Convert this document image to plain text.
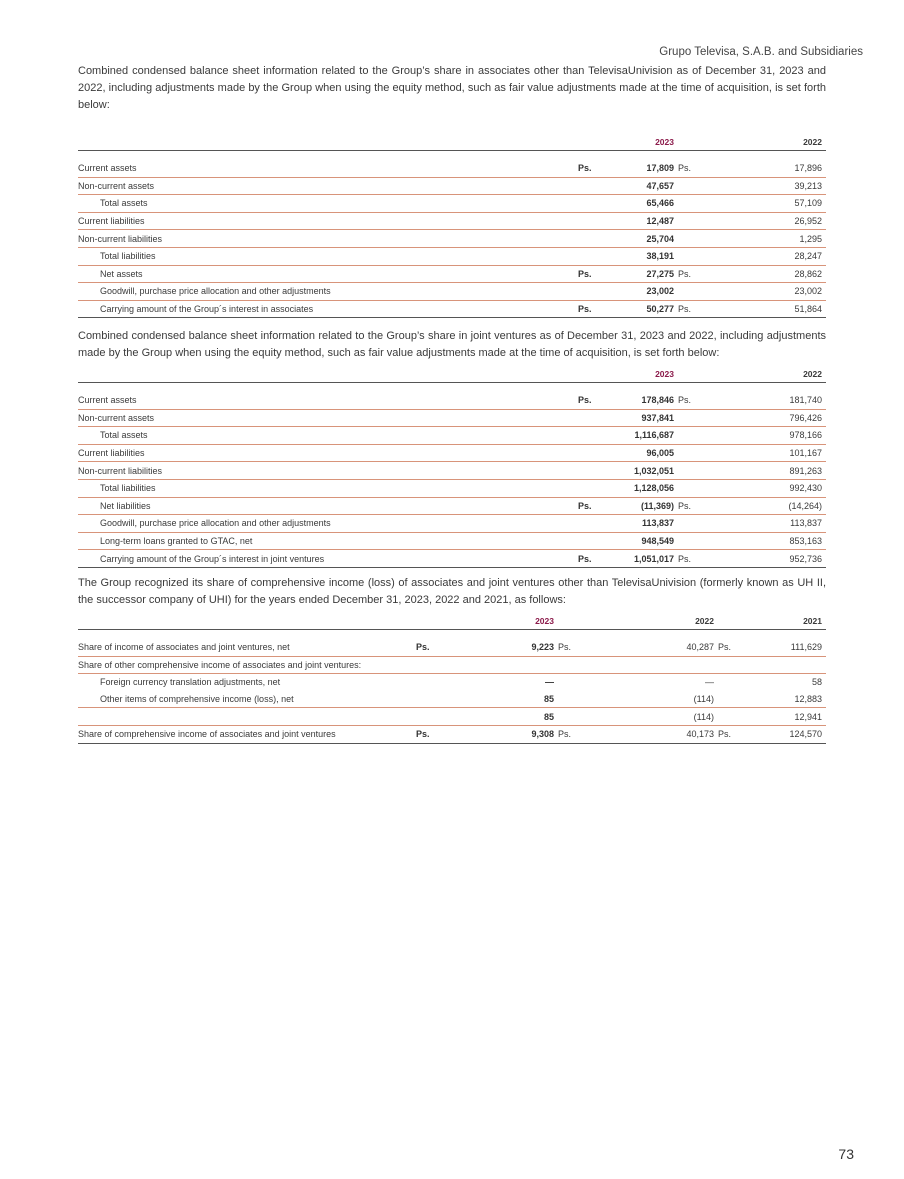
Grupo Televisa, S.A.B. and Subsidiaries
Combined condensed balance sheet information related to the Group’s share in associates other than TelevisaUnivision as of December 31, 2023 and 2022, including adjustments made by the Group when using the equity method, such as fair value adjustments made at the time of acquisition, is set forth below:
		2023		2022

Current assets	Ps.	17,809	Ps.	17,896
Non-current assets		47,657		39,213
Total assets		65,466		57,109
Current liabilities		12,487		26,952
Non-current liabilities		25,704		1,295
Total liabilities		38,191		28,247
Net assets	Ps.	27,275	Ps.	28,862
Goodwill, purchase price allocation and other adjustments		23,002		23,002
Carrying amount of the Group´s interest in associates	Ps.	50,277	Ps.	51,864
Combined condensed balance sheet information related to the Group’s share in joint ventures as of December 31, 2023 and 2022, including adjustments made by the Group when using the equity method, such as fair value adjustments made at the time of acquisition, is set forth below:
		2023		2022

Current assets	Ps.	178,846	Ps.	181,740
Non-current assets		937,841		796,426
Total assets		1,116,687		978,166
Current liabilities		96,005		101,167
Non-current liabilities		1,032,051		891,263
Total liabilities		1,128,056		992,430
Net liabilities	Ps.	(11,369)	Ps.	(14,264)
Goodwill, purchase price allocation and other adjustments		113,837		113,837
Long-term loans granted to GTAC, net		948,549		853,163
Carrying amount of the Group´s interest in joint ventures	Ps.	1,051,017	Ps.	952,736
The Group recognized its share of comprehensive income (loss) of associates and joint ventures other than TelevisaUnivision (formerly known as UH II, the successor company of UHI) for the years ended December 31, 2023, 2022 and 2021, as follows:
		2023		2022		2021

Share of income of associates and joint ventures, net	Ps.	9,223	Ps.	40,287	Ps.	111,629
Share of other comprehensive income of associates and joint ventures:						
Foreign currency translation adjustments, net		—		—		58
Other items of comprehensive income (loss), net		85		(114)		12,883
		85		(114)		12,941
Share of comprehensive income of associates and joint ventures	Ps.	9,308	Ps.	40,173	Ps.	124,570
73
